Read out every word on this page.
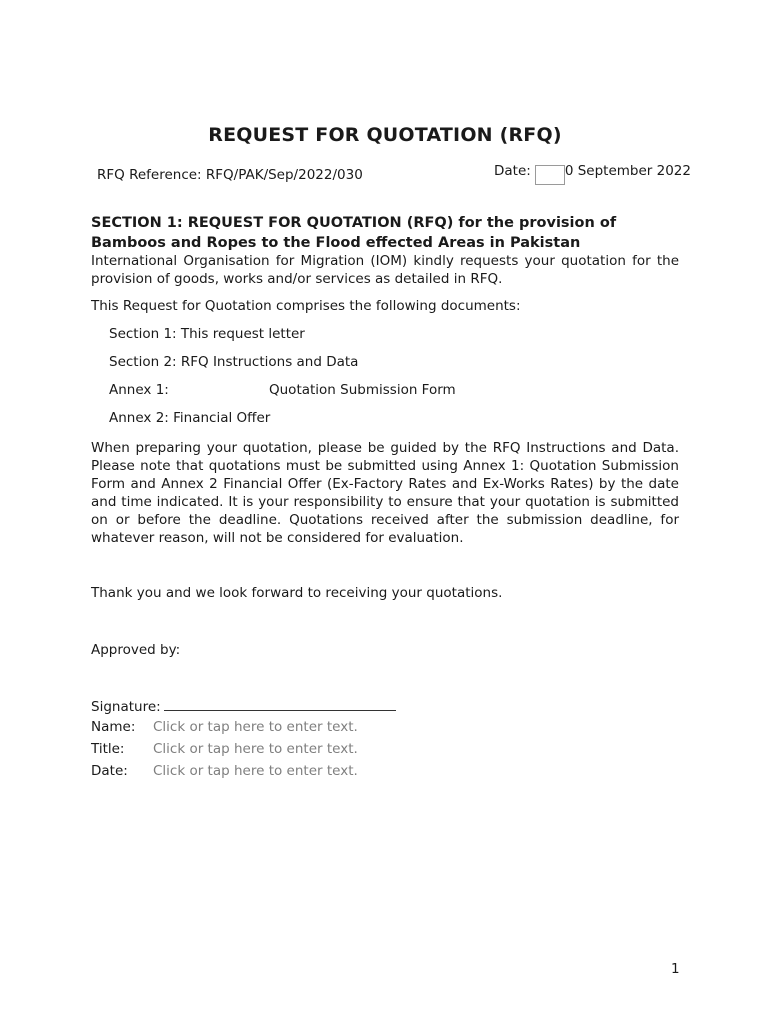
REQUEST FOR QUOTATION (RFQ)
RFQ Reference: RFQ/PAK/Sep/2022/030	Date:	0 September 2022
SECTION 1: REQUEST FOR QUOTATION (RFQ) for the provision of Bamboos and Ropes to the Flood effected Areas in Pakistan
International Organisation for Migration (IOM) kindly requests your quotation for the provision of goods, works and/or services as detailed in RFQ.
This Request for Quotation comprises the following documents:
Section 1: This request letter
Section 2: RFQ Instructions and Data
Annex 1:	Quotation Submission Form
Annex 2: Financial Offer
When preparing your quotation, please be guided by the RFQ Instructions and Data. Please note that quotations must be submitted using Annex 1: Quotation Submission Form and Annex 2 Financial Offer (Ex-Factory Rates and Ex-Works Rates) by the date and time indicated. It is your responsibility to ensure that your quotation is submitted on or before the deadline. Quotations received after the submission deadline, for whatever reason, will not be considered for evaluation.
Thank you and we look forward to receiving your quotations.
Approved by:
Signature:
Name: Click or tap here to enter text.
Title: Click or tap here to enter text.
Date: Click or tap here to enter text.
1
